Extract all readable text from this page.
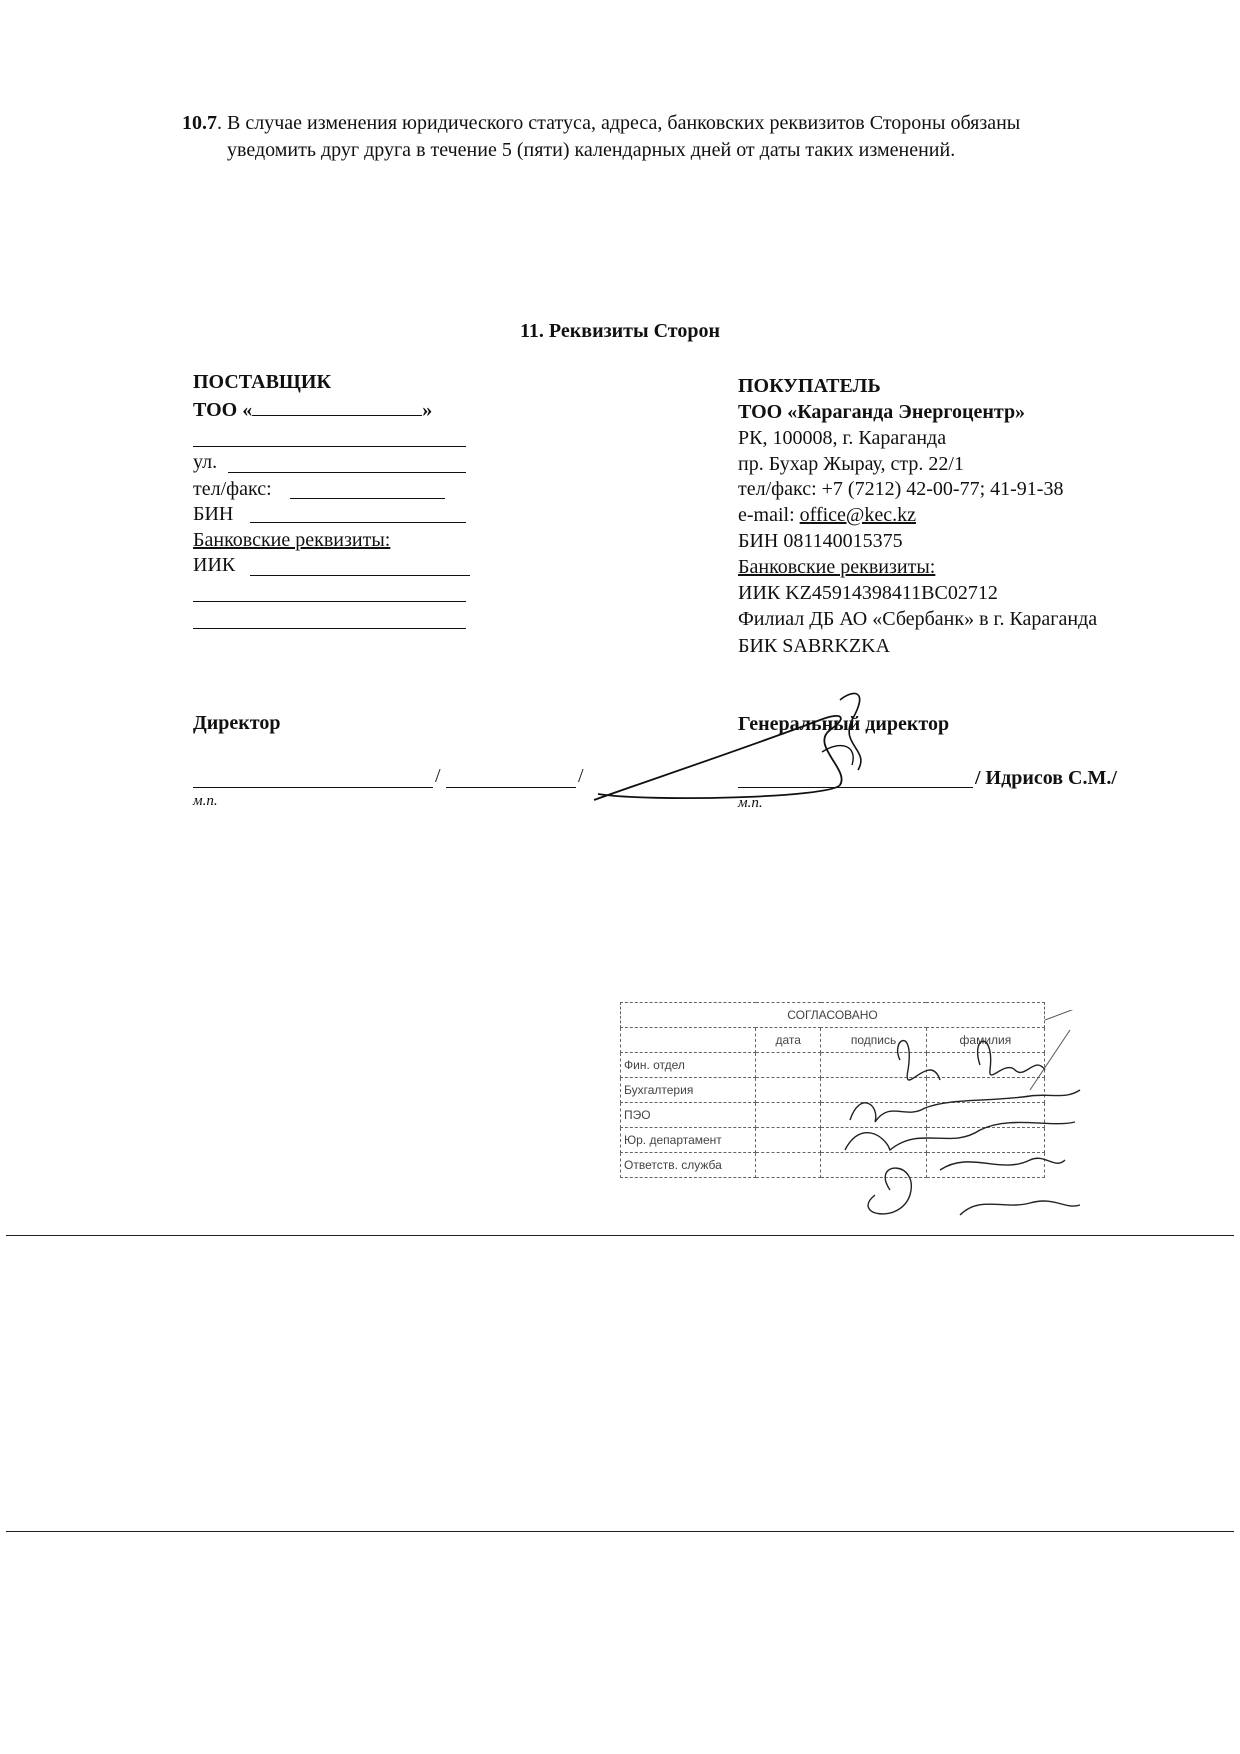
10.7. В случае изменения юридического статуса, адреса, банковских реквизитов Стороны обязаны
уведомить друг друга в течение 5 (пяти) календарных дней от даты таких изменений.
11. Реквизиты Сторон
ПОСТАВЩИК
ТОО «	»
ул.
тел/факс:
БИН
Банковские реквизиты:
ИИК
Директор
/	/
м.п.
ПОКУПАТЕЛЬ
ТОО «Караганда Энергоцентр»
РК, 100008, г. Караганда
пр. Бухар Жырау, стр. 22/1
тел/факс: +7 (7212) 42-00-77; 41-91-38
e-mail: office@kec.kz
БИН 081140015375
Банковские реквизиты:
ИИК KZ45914398411BC02712
Филиал ДБ АО «Сбербанк» в г. Караганда
БИК SABRKZKA
Генеральный директор
/ Идрисов С.М./
м.п.
СОГЛАСОВАНО			
	дата	подпись	фамилия
Фин. отдел			
Бухгалтерия			
ПЭО			
Юр. департамент			
Ответств. служба			
